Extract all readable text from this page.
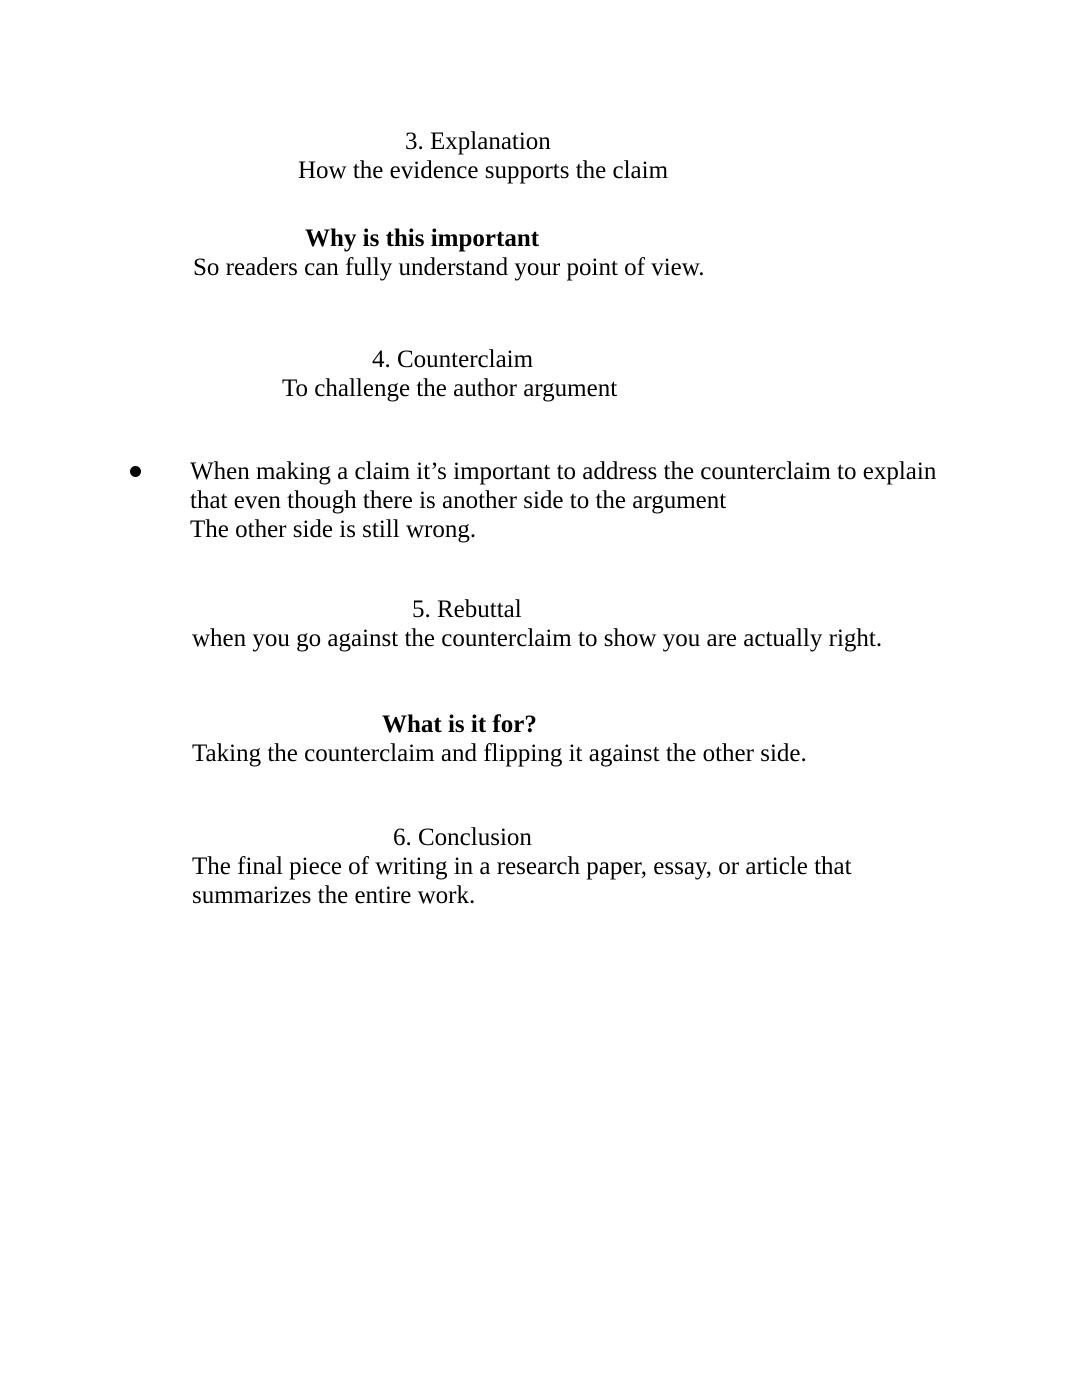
3. Explanation
How the evidence supports the claim
Why is this important
So readers can fully understand your point of view.
4. Counterclaim
To challenge the author argument
When making a claim it’s important to address the counterclaim to explain
that even though there is another side to the argument
The other side is still wrong.
5. Rebuttal
when you go against the counterclaim to show you are actually right.
What is it for?
Taking the counterclaim and flipping it against the other side.
6. Conclusion
The final piece of writing in a research paper, essay, or article that
summarizes the entire work.
